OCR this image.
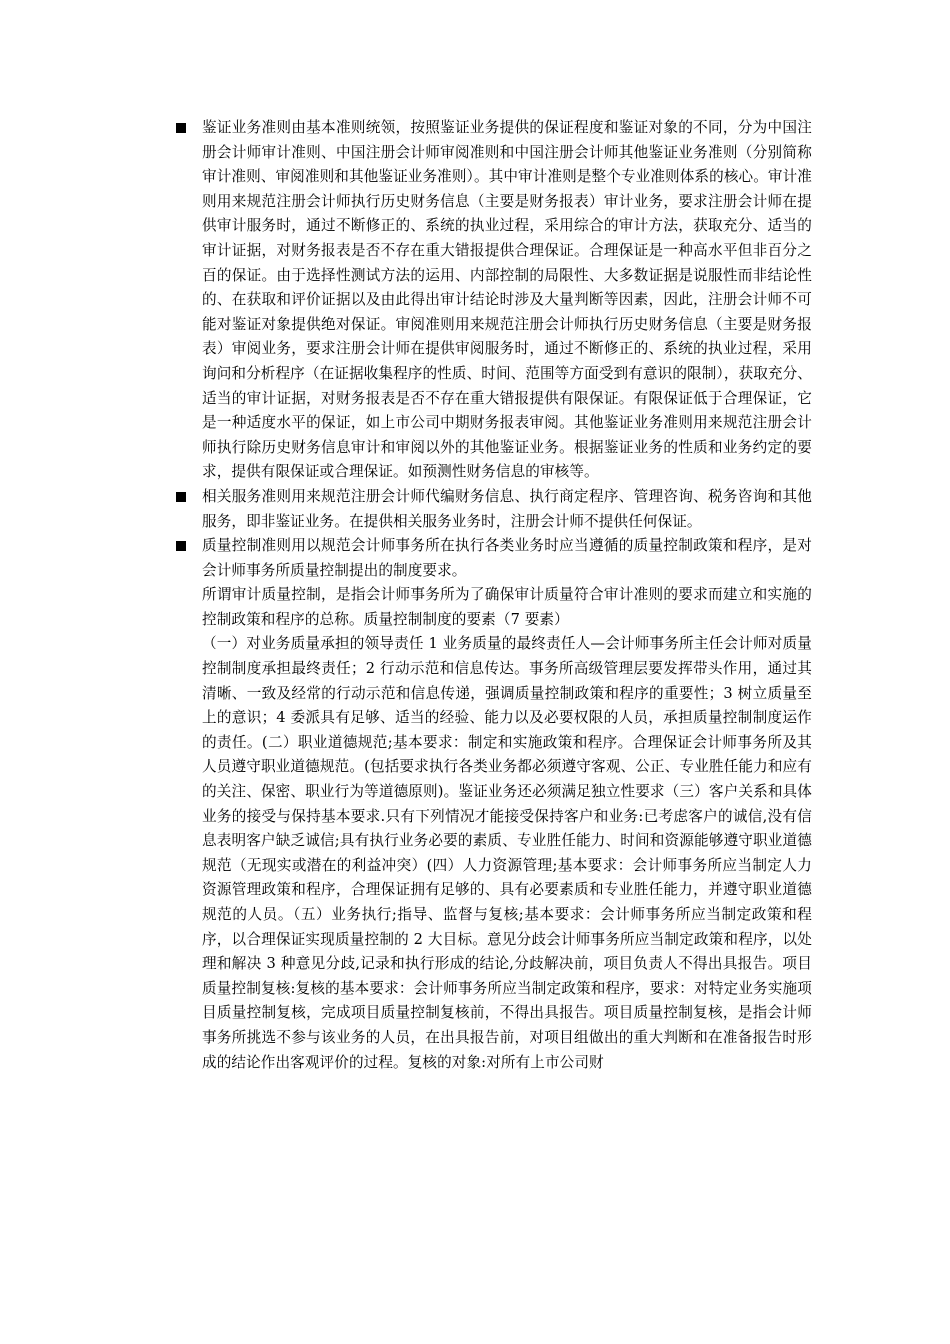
鉴证业务准则由基本准则统领，按照鉴证业务提供的保证程度和鉴证对象的不同，分为中国注册会计师审计准则、中国注册会计师审阅准则和中国注册会计师其他鉴证业务准则（分别简称审计准则、审阅准则和其他鉴证业务准则）。其中审计准则是整个专业准则体系的核心。审计准则用来规范注册会计师执行历史财务信息（主要是财务报表）审计业务，要求注册会计师在提供审计服务时，通过不断修正的、系统的执业过程，采用综合的审计方法，获取充分、适当的审计证据，对财务报表是否不存在重大错报提供合理保证。合理保证是一种高水平但非百分之百的保证。由于选择性测试方法的运用、内部控制的局限性、大多数证据是说服性而非结论性的、在获取和评价证据以及由此得出审计结论时涉及大量判断等因素，因此，注册会计师不可能对鉴证对象提供绝对保证。审阅准则用来规范注册会计师执行历史财务信息（主要是财务报表）审阅业务，要求注册会计师在提供审阅服务时，通过不断修正的、系统的执业过程，采用询问和分析程序（在证据收集程序的性质、时间、范围等方面受到有意识的限制），获取充分、适当的审计证据，对财务报表是否不存在重大错报提供有限保证。有限保证低于合理保证，它是一种适度水平的保证，如上市公司中期财务报表审阅。其他鉴证业务准则用来规范注册会计师执行除历史财务信息审计和审阅以外的其他鉴证业务。根据鉴证业务的性质和业务约定的要求，提供有限保证或合理保证。如预测性财务信息的审核等。

相关服务准则用来规范注册会计师代编财务信息、执行商定程序、管理咨询、税务咨询和其他服务，即非鉴证业务。在提供相关服务业务时，注册会计师不提供任何保证。

质量控制准则用以规范会计师事务所在执行各类业务时应当遵循的质量控制政策和程序，是对会计师事务所质量控制提出的制度要求。

所谓审计质量控制，是指会计师事务所为了确保审计质量符合审计准则的要求而建立和实施的控制政策和程序的总称。质量控制制度的要素（7 要素）

（一）对业务质量承担的领导责任 1 业务质量的最终责任人—会计师事务所主任会计师对质量控制制度承担最终责任；2 行动示范和信息传达。事务所高级管理层要发挥带头作用，通过其清晰、一致及经常的行动示范和信息传递，强调质量控制政策和程序的重要性；3 树立质量至上的意识；4 委派具有足够、适当的经验、能力以及必要权限的人员，承担质量控制制度运作的责任。(二）职业道德规范;基本要求：制定和实施政策和程序。合理保证会计师事务所及其人员遵守职业道德规范。(包括要求执行各类业务都必须遵守客观、公正、专业胜任能力和应有的关注、保密、职业行为等道德原则)。鉴证业务还必须满足独立性要求（三）客户关系和具体业务的接受与保持基本要求.只有下列情况才能接受保持客户和业务:已考虑客户的诚信,没有信息表明客户缺乏诚信;具有执行业务必要的素质、专业胜任能力、时间和资源能够遵守职业道德规范（无现实或潜在的利益冲突）(四）人力资源管理;基本要求：会计师事务所应当制定人力资源管理政策和程序，合理保证拥有足够的、具有必要素质和专业胜任能力，并遵守职业道德规范的人员。（五）业务执行;指导、监督与复核;基本要求：会计师事务所应当制定政策和程序，以合理保证实现质量控制的 2 大目标。意见分歧会计师事务所应当制定政策和程序，以处理和解决 3 种意见分歧,记录和执行形成的结论,分歧解决前，项目负责人不得出具报告。项目质量控制复核:复核的基本要求：会计师事务所应当制定政策和程序，要求：对特定业务实施项目质量控制复核，完成项目质量控制复核前，不得出具报告。项目质量控制复核，是指会计师事务所挑选不参与该业务的人员，在出具报告前，对项目组做出的重大判断和在准备报告时形成的结论作出客观评价的过程。复核的对象:对所有上市公司财
